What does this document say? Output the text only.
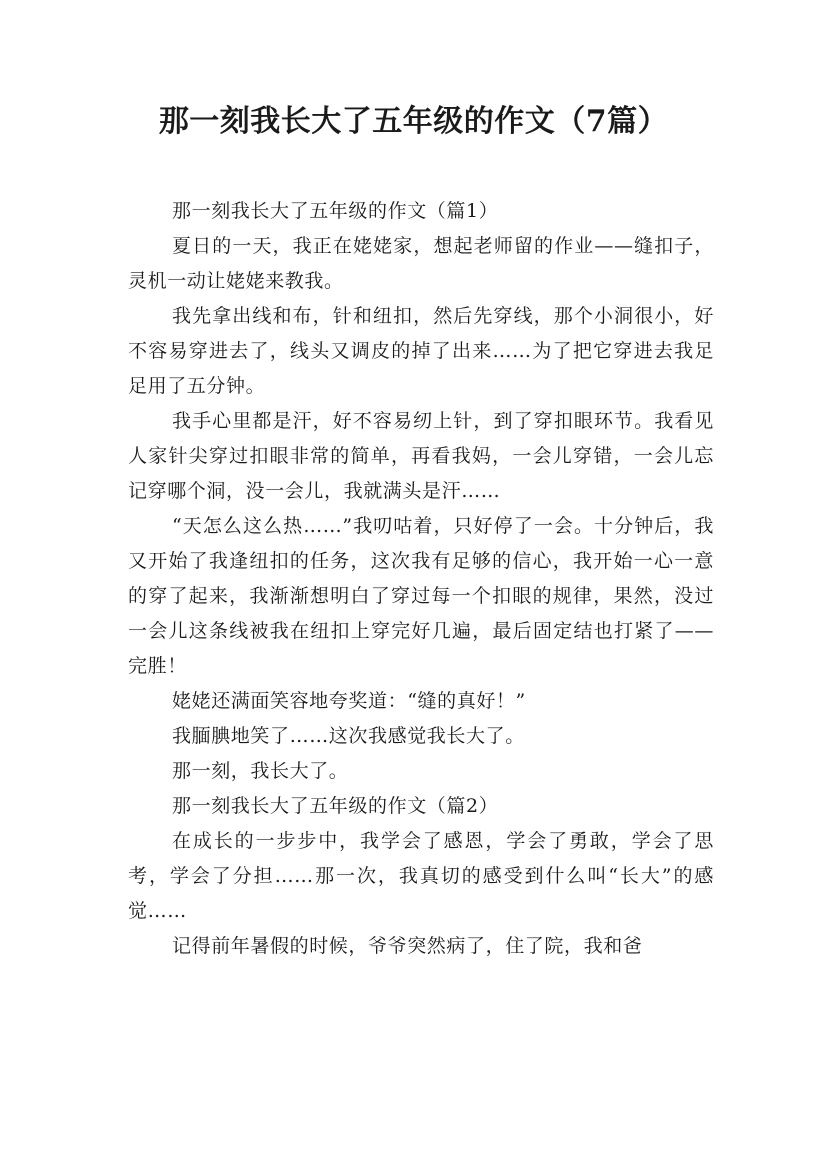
那一刻我长大了五年级的作文（7篇）

那一刻我长大了五年级的作文（篇1）

夏日的一天，我正在姥姥家，想起老师留的作业——缝扣子，灵机一动让姥姥来教我。

我先拿出线和布，针和纽扣，然后先穿线，那个小洞很小，好不容易穿进去了，线头又调皮的掉了出来……为了把它穿进去我足足用了五分钟。

我手心里都是汗，好不容易纫上针，到了穿扣眼环节。我看见人家针尖穿过扣眼非常的简单，再看我妈，一会儿穿错，一会儿忘记穿哪个洞，没一会儿，我就满头是汗……

“天怎么这么热……”我叨咕着，只好停了一会。十分钟后，我又开始了我逢纽扣的任务，这次我有足够的信心，我开始一心一意的穿了起来，我渐渐想明白了穿过每一个扣眼的规律，果然，没过一会儿这条线被我在纽扣上穿完好几遍，最后固定结也打紧了——完胜！

姥姥还满面笑容地夸奖道：“缝的真好！”

我腼腆地笑了……这次我感觉我长大了。

那一刻，我长大了。

那一刻我长大了五年级的作文（篇2）

在成长的一步步中，我学会了感恩，学会了勇敢，学会了思考，学会了分担……那一次，我真切的感受到什么叫“长大”的感觉……

记得前年暑假的时候，爷爷突然病了，住了院，我和爸
